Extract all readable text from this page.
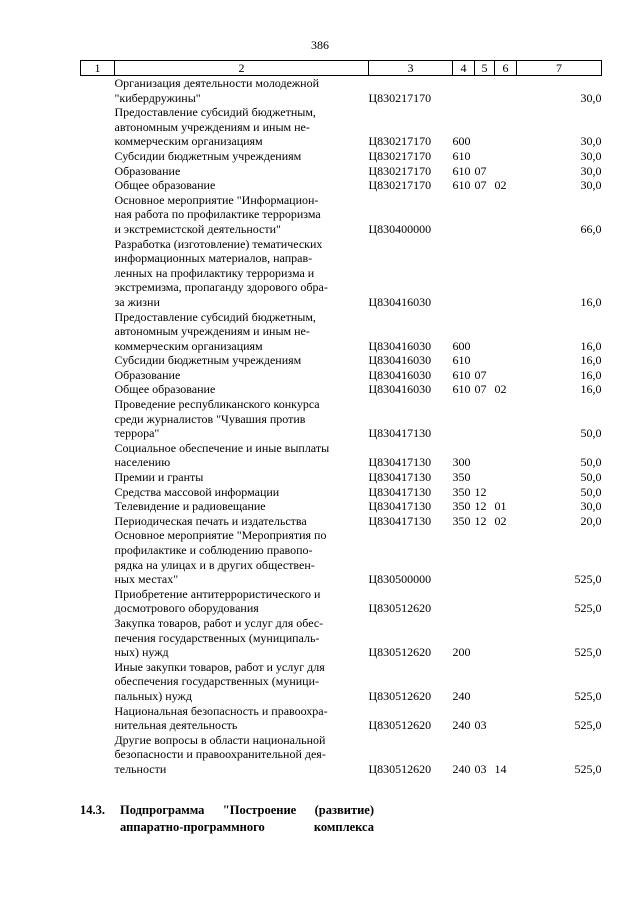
386
1	2	3	4	5	6	7

	Организация деятельности молодежной
"кибердружины"	Ц830217170				30,0

	Предоставление субсидий бюджетным,
автономным учреждениям и иным не-
коммерческим организациям	Ц830217170	600			30,0

	Субсидии бюджетным учреждениям	Ц830217170	610			30,0

	Образование	Ц830217170	610	07		30,0

	Общее образование	Ц830217170	610	07	02	30,0

	Основное мероприятие "Информацион-
ная работа по профилактике терроризма
и экстремистской деятельности"	Ц830400000				66,0

	Разработка (изготовление) тематических
информационных материалов, направ-
ленных на профилактику терроризма и
экстремизма, пропаганду здорового обра-
за жизни	Ц830416030				16,0

	Предоставление субсидий бюджетным,
автономным учреждениям и иным не-
коммерческим организациям	Ц830416030	600			16,0

	Субсидии бюджетным учреждениям	Ц830416030	610			16,0

	Образование	Ц830416030	610	07		16,0

	Общее образование	Ц830416030	610	07	02	16,0

	Проведение республиканского конкурса
среди журналистов "Чувашия против
террора"	Ц830417130				50,0

	Социальное обеспечение и иные выплаты
населению	Ц830417130	300			50,0

	Премии и гранты	Ц830417130	350			50,0

	Средства массовой информации	Ц830417130	350	12		50,0

	Телевидение и радиовещание	Ц830417130	350	12	01	30,0

	Периодическая печать и издательства	Ц830417130	350	12	02	20,0

	Основное мероприятие "Мероприятия по
профилактике и соблюдению правопо-
рядка на улицах и в других обществен-
ных местах"	Ц830500000				525,0

	Приобретение антитеррористического и
досмотрового оборудования	Ц830512620				525,0

	Закупка товаров, работ и услуг для обес-
печения государственных (муниципаль-
ных) нужд	Ц830512620	200			525,0

	Иные закупки товаров, работ и услуг для
обеспечения государственных (муници-
пальных) нужд	Ц830512620	240			525,0

	Национальная безопасность и правоохра-
нительная деятельность	Ц830512620	240	03		525,0

	Другие вопросы в области национальной
безопасности и правоохранительной дея-
тельности	Ц830512620	240	03	14	525,0
14.3. Подпрограмма "Построение (развитие) аппаратно-программного комплекса
